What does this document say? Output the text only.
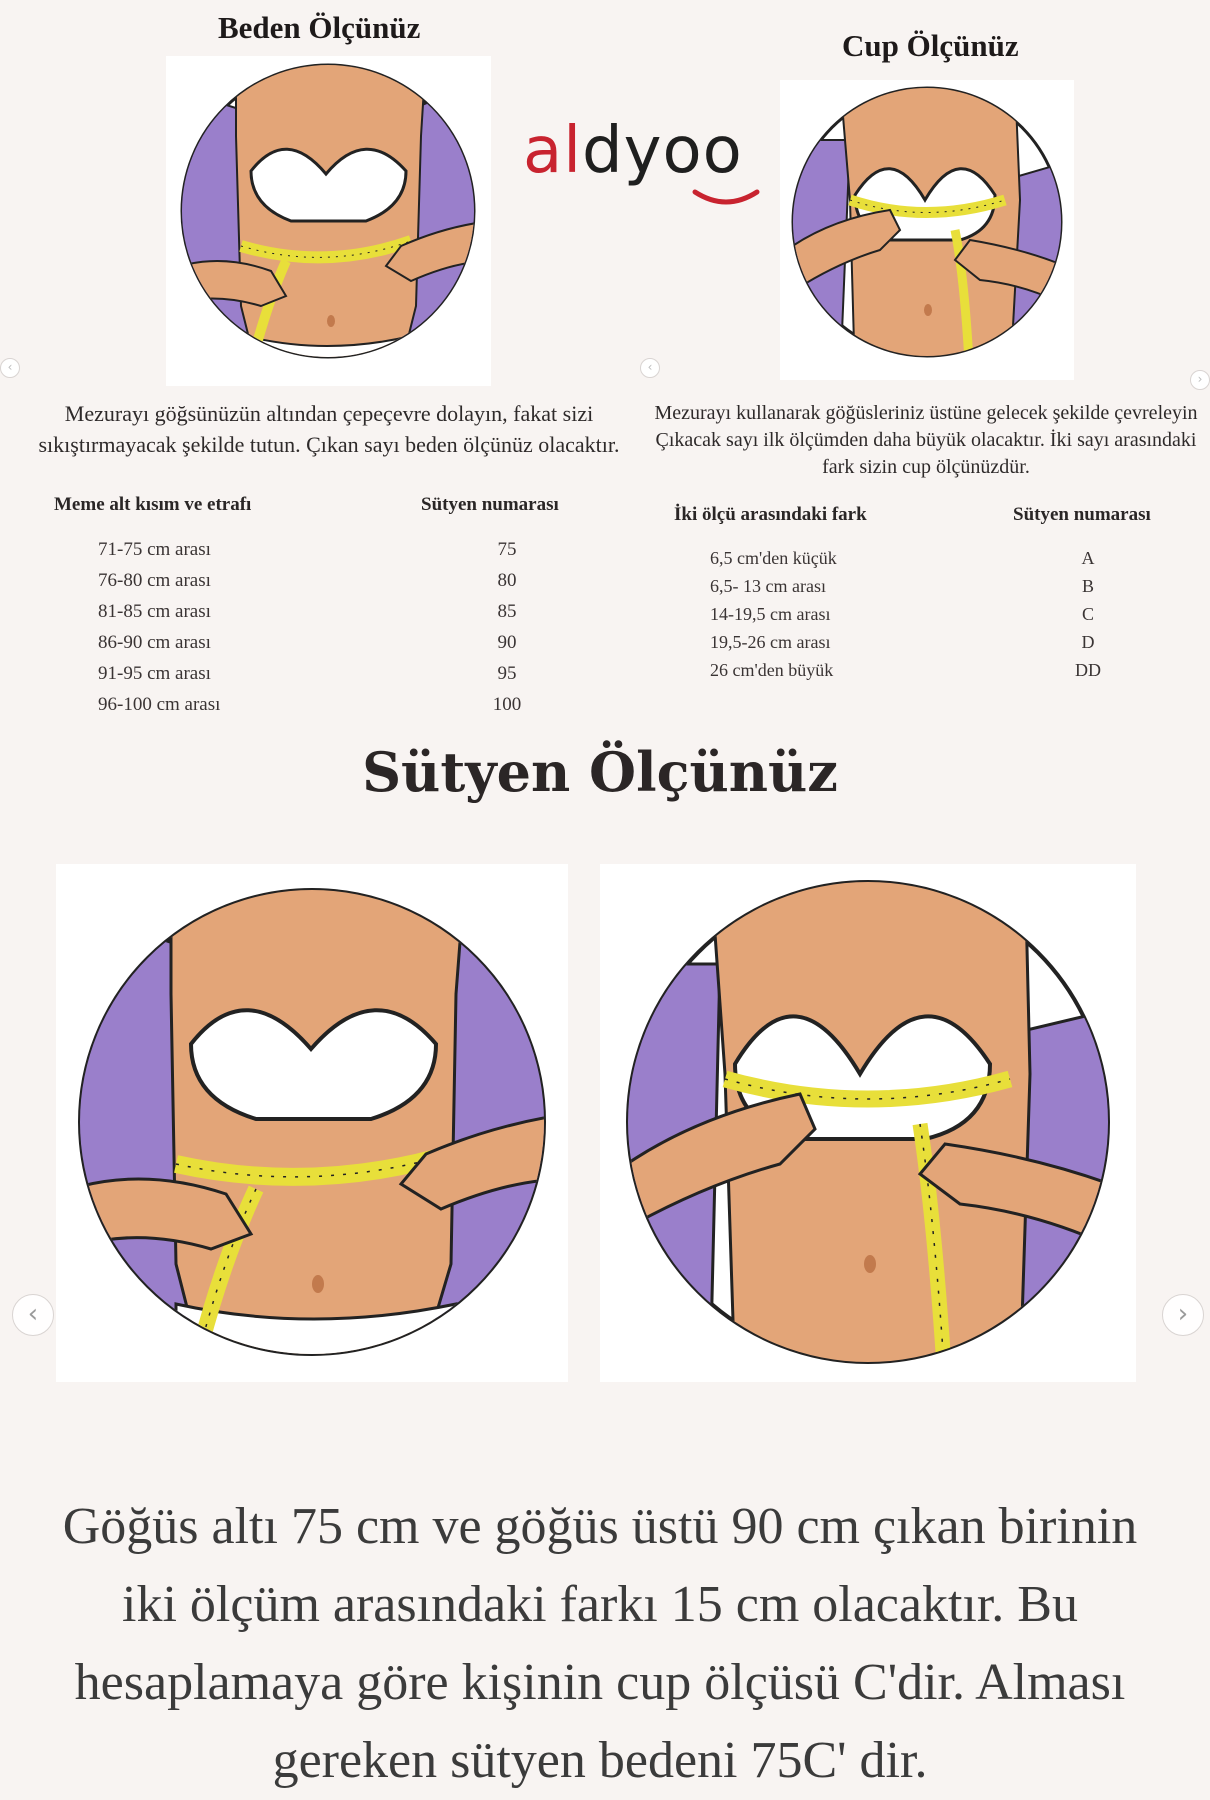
Beden Ölçünüz
Cup Ölçünüz
aldyoo
‹	‹
›
Mezurayı göğsünüzün altından çepeçevre dolayın, fakat sizi sıkıştırmayacak şekilde tutun. Çıkan sayı beden ölçünüz olacaktır.
Mezurayı kullanarak göğüsleriniz üstüne gelecek şekilde çevreleyin Çıkacak sayı ilk ölçümden daha büyük olacaktır. İki sayı arasındaki fark sizin cup ölçünüzdür.
Meme alt kısım ve etrafı	Sütyen numarası
71-75 cm arası	75
76-80 cm arası	80
81-85 cm arası	85
86-90 cm arası	90
91-95 cm arası	95
96-100 cm arası	100
İki ölçü arasındaki fark	Sütyen numarası
6,5 cm'den küçük	A
6,5- 13 cm arası	B
14-19,5 cm arası	C
19,5-26 cm arası	D
26 cm'den büyük	DD
Sütyen Ölçünüz
‹	›
Göğüs altı 75 cm ve göğüs üstü 90 cm çıkan birinin iki ölçüm arasındaki farkı 15 cm olacaktır. Bu hesaplamaya göre kişinin cup ölçüsü C'dir. Alması gereken sütyen bedeni 75C' dir.
